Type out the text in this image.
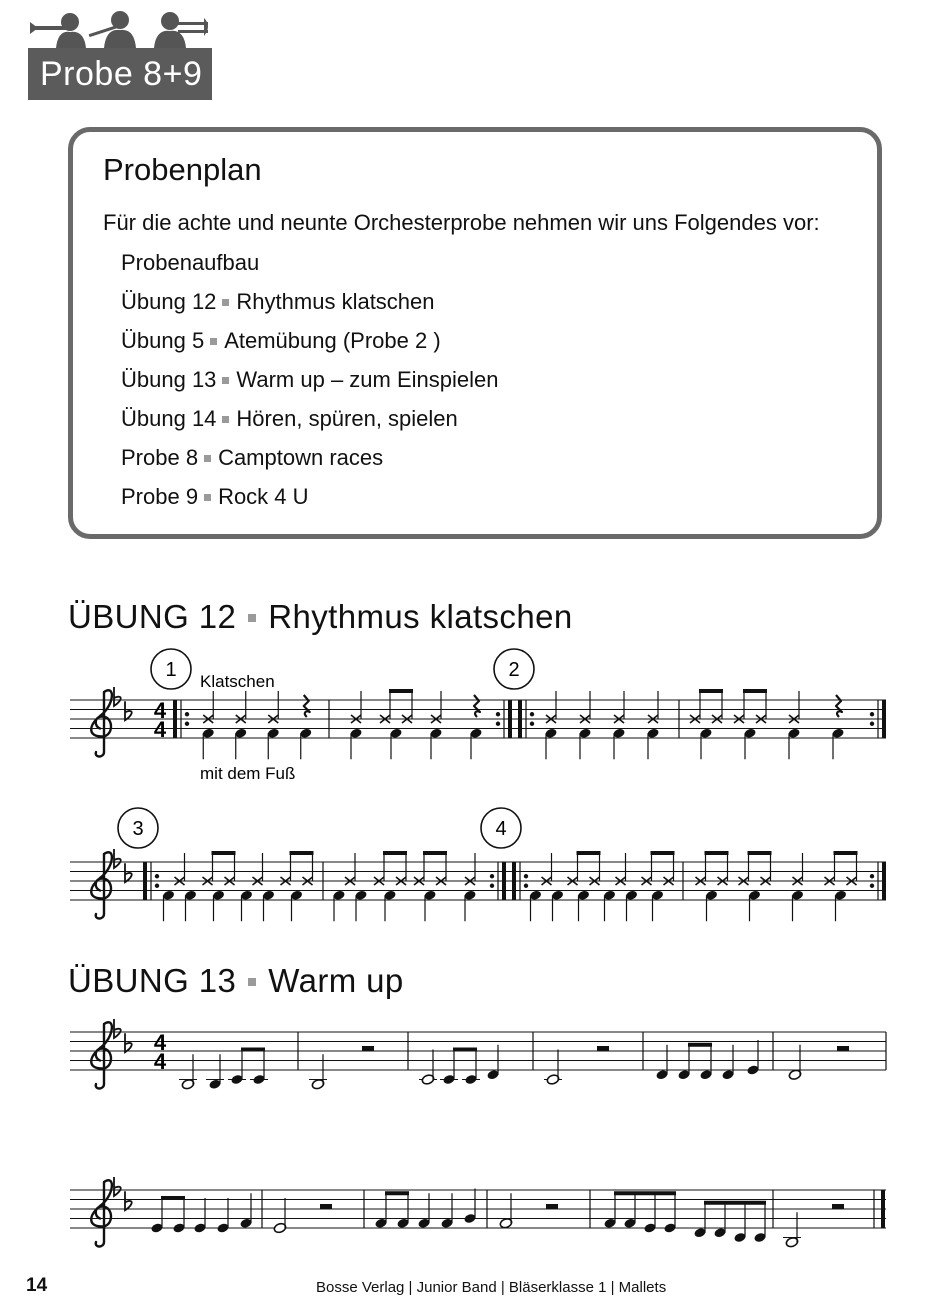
Probe 8+9
Probenplan
Für die achte und neunte Orchesterprobe nehmen wir uns Folgendes vor:
Probenaufbau
Übung 12 Rhythmus klatschen
Übung 5 Atemübung (Probe 2 )
Übung 13 Warm up – zum Einspielen
Übung 14 Hören, spüren, spielen
Probe 8 Camptown races
Probe 9 Rock 4 U
ÜBUNG 12 Rhythmus klatschen
ÜBUNG 13 Warm up
Klatschen
mit dem Fuß
1	2
3	4
4
4
4
4
14	Bosse Verlag | Junior Band | Bläserklasse 1 | Mallets
